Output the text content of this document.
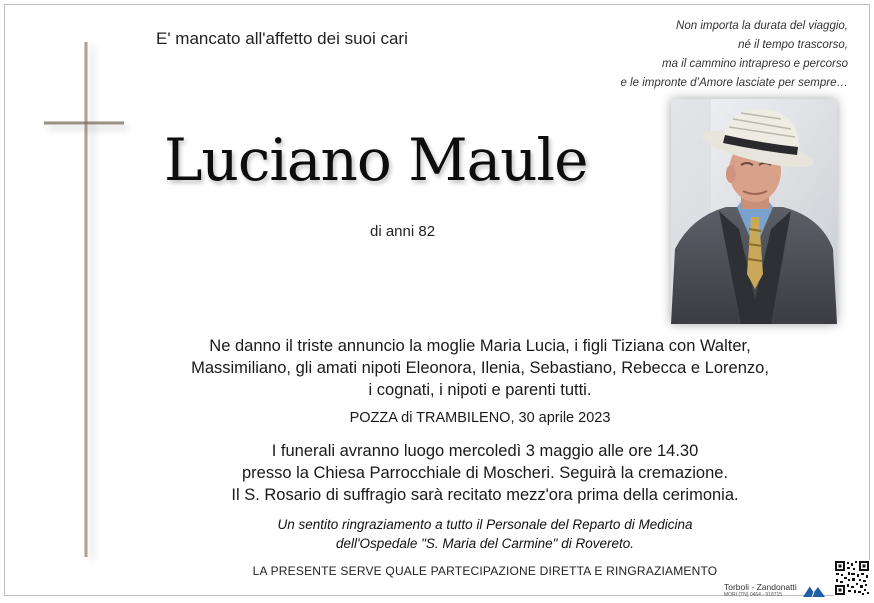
E' mancato all'affetto dei suoi cari
Non importa la durata del viaggio,
né il tempo trascorso,
ma il cammino intrapreso e percorso
e le impronte d’Amore lasciate per sempre…
Luciano Maule
di anni 82
Ne danno il triste annuncio la moglie Maria Lucia, i figli Tiziana con Walter,
Massimiliano, gli amati nipoti Eleonora, Ilenia, Sebastiano, Rebecca e Lorenzo,
i cognati, i nipoti e parenti tutti.
POZZA di TRAMBILENO, 30 aprile 2023
I funerali avranno luogo mercoledì 3 maggio alle ore 14.30
presso la Chiesa Parrocchiale di Moscheri. Seguirà la cremazione.
Il S. Rosario di suffragio sarà recitato mezz'ora prima della cerimonia.
Un sentito ringraziamento a tutto il Personale del Reparto di Medicina
dell'Ospedale "S. Maria del Carmine" di Rovereto.
LA PRESENTE SERVE QUALE PARTECIPAZIONE DIRETTA E RINGRAZIAMENTO
Torboli - Zandonatti
MORI (TN) 0464 - 918715
